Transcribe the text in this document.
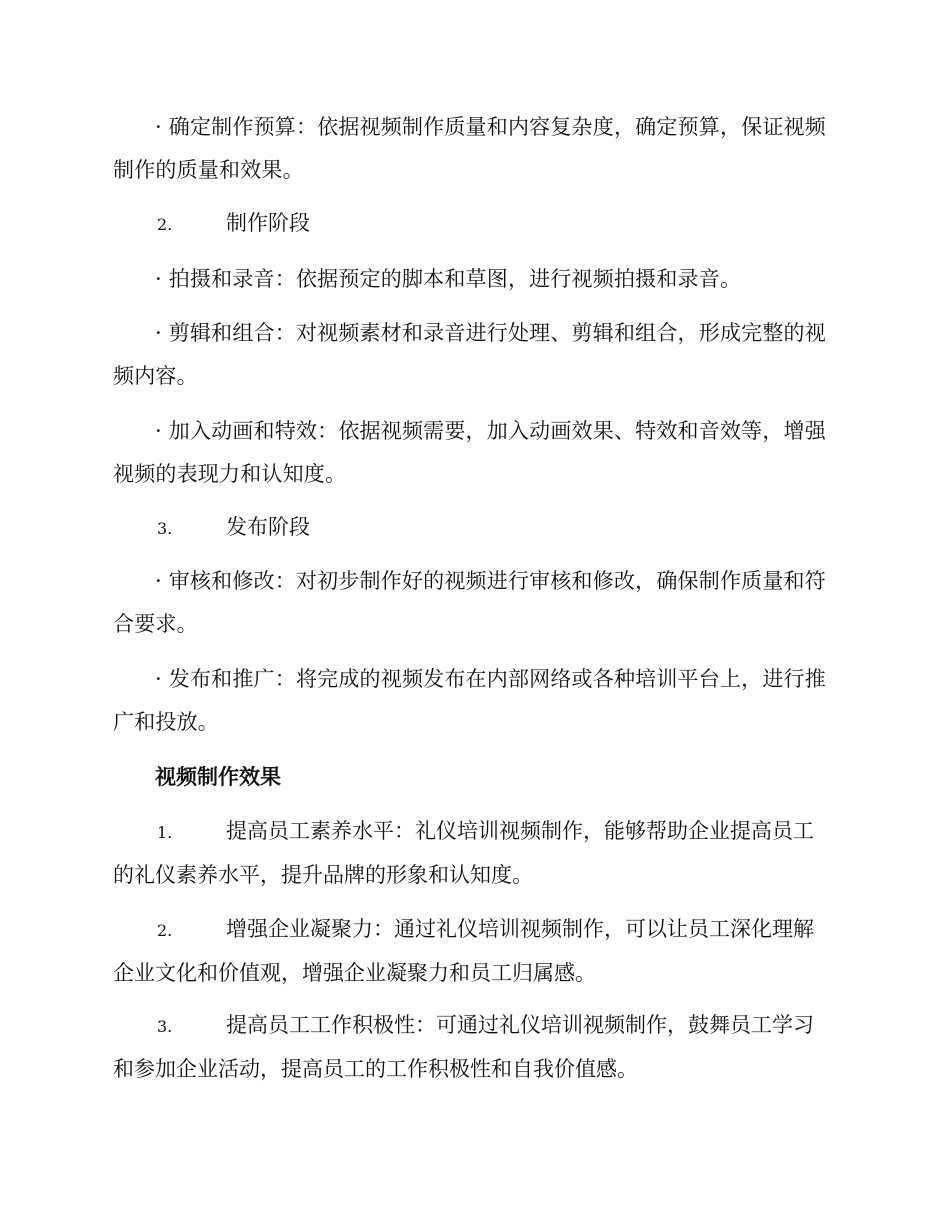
· 确定制作预算：依据视频制作质量和内容复杂度，确定预算，保证视频制作的质量和效果。

2.	制作阶段

· 拍摄和录音：依据预定的脚本和草图，进行视频拍摄和录音。

· 剪辑和组合：对视频素材和录音进行处理、剪辑和组合，形成完整的视频内容。

· 加入动画和特效：依据视频需要，加入动画效果、特效和音效等，增强视频的表现力和认知度。

3.	发布阶段

· 审核和修改：对初步制作好的视频进行审核和修改，确保制作质量和符合要求。

· 发布和推广：将完成的视频发布在内部网络或各种培训平台上，进行推广和投放。

视频制作效果

1.	提高员工素养水平：礼仪培训视频制作，能够帮助企业提高员工的礼仪素养水平，提升品牌的形象和认知度。

2.	增强企业凝聚力：通过礼仪培训视频制作，可以让员工深化理解企业文化和价值观，增强企业凝聚力和员工归属感。

3.	提高员工工作积极性：可通过礼仪培训视频制作，鼓舞员工学习和参加企业活动，提高员工的工作积极性和自我价值感。
